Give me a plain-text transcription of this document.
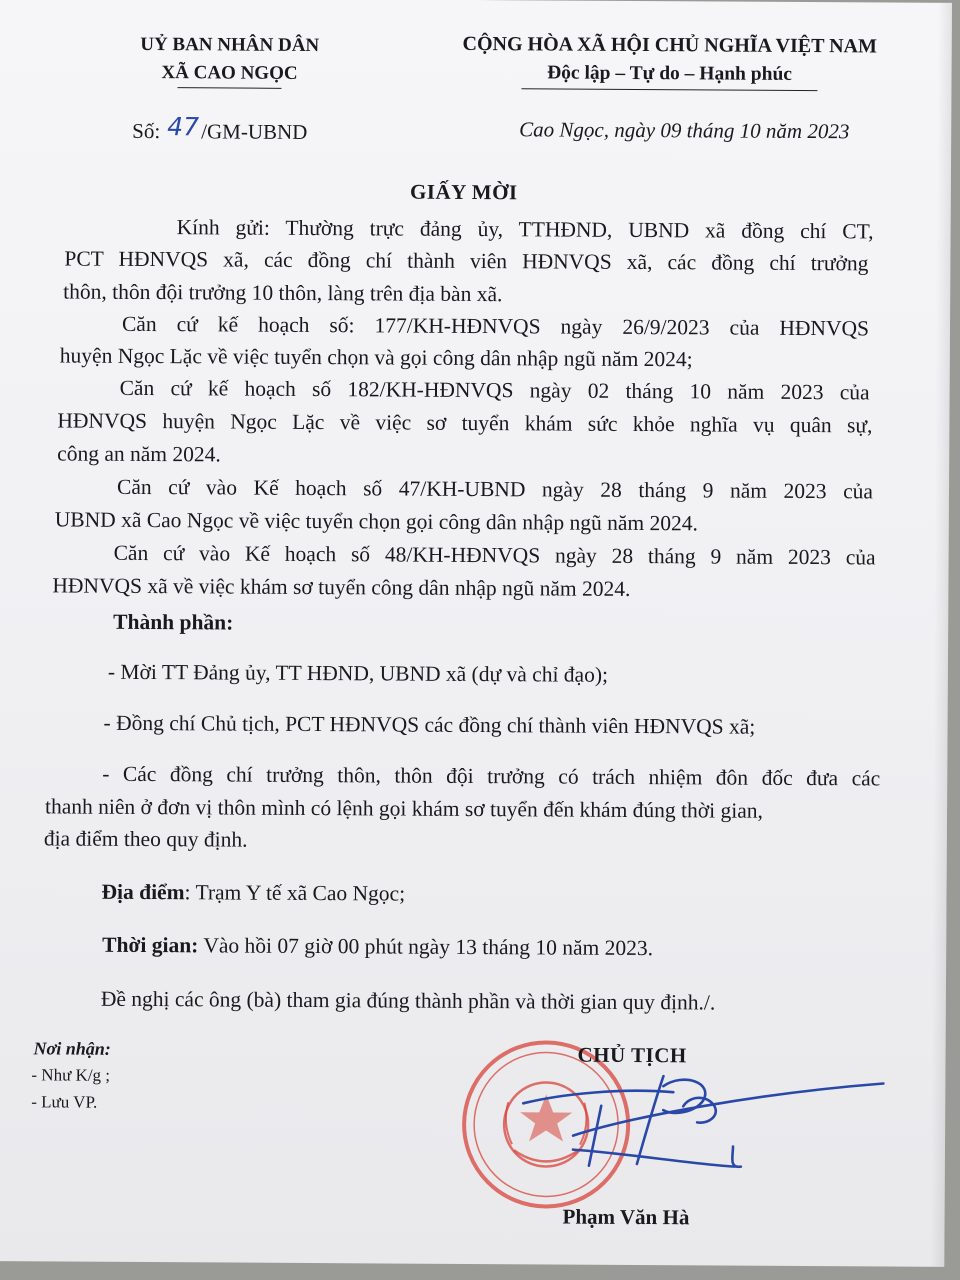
UỶ BAN NHÂN DÂN
XÃ CAO NGỌC
CỘNG HÒA XÃ HỘI CHỦ NGHĨA VIỆT NAM
Độc lập – Tự do – Hạnh phúc
Số: 47 /GM-UBND	Cao Ngọc, ngày 09 tháng 10 năm 2023
GIẤY MỜI
Kính gửi: Thường trực đảng ủy, TTHĐND, UBND xã đồng chí CT,
PCT HĐNVQS xã, các đồng chí thành viên HĐNVQS xã, các đồng chí trưởng
thôn, thôn đội trưởng 10 thôn, làng trên địa bàn xã.
Căn cứ kế hoạch số: 177/KH-HĐNVQS ngày 26/9/2023 của HĐNVQS
huyện Ngọc Lặc về việc tuyển chọn và gọi công dân nhập ngũ năm 2024;
Căn cứ kế hoạch số 182/KH-HĐNVQS ngày 02 tháng 10 năm 2023 của
HĐNVQS huyện Ngọc Lặc về việc sơ tuyển khám sức khỏe nghĩa vụ quân sự,
công an năm 2024.
Căn cứ vào Kế hoạch số 47/KH-UBND ngày 28 tháng 9 năm 2023 của
UBND xã Cao Ngọc về việc tuyển chọn gọi công dân nhập ngũ năm 2024.
Căn cứ vào Kế hoạch số 48/KH-HĐNVQS ngày 28 tháng 9 năm 2023 của
HĐNVQS xã về việc khám sơ tuyển công dân nhập ngũ năm 2024.
Thành phần:
- Mời TT Đảng ủy, TT HĐND, UBND xã (dự và chỉ đạo);
- Đồng chí Chủ tịch, PCT HĐNVQS các đồng chí thành viên HĐNVQS xã;
- Các đồng chí trưởng thôn, thôn đội trưởng có trách nhiệm đôn đốc đưa các
thanh niên ở đơn vị thôn mình có lệnh gọi khám sơ tuyển đến khám đúng thời gian,
địa điểm theo quy định.
Địa điểm: Trạm Y tế xã Cao Ngọc;
Thời gian: Vào hồi 07 giờ 00 phút ngày 13 tháng 10 năm 2023.
Đề nghị các ông (bà) tham gia đúng thành phần và thời gian quy định./.
Nơi nhận:
- Như K/g ;
- Lưu VP.
CHỦ TỊCH
Phạm Văn Hà
